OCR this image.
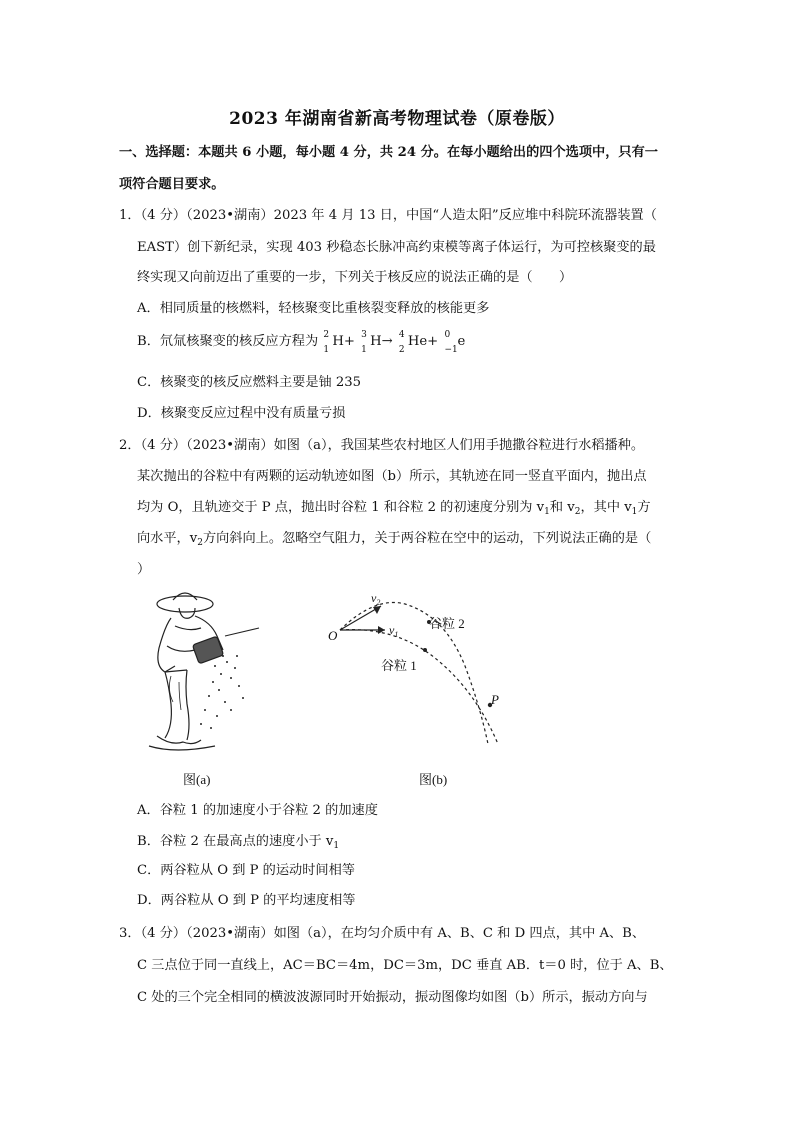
2023 年湖南省新高考物理试卷（原卷版）
一、选择题：本题共 6 小题，每小题 4 分，共 24 分。在每小题给出的四个选项中，只有一
项符合题目要求。
1．（4 分）（2023•湖南）2023 年 4 月 13 日，中国“人造太阳”反应堆中科院环流器装置（
EAST）创下新纪录，实现 403 秒稳态长脉冲高约束模等离子体运行，为可控核聚变的最
终实现又向前迈出了重要的一步，下列关于核反应的说法正确的是（　　）
A．相同质量的核燃料，轻核聚变比重核裂变释放的核能更多
B．氘氚核聚变的核反应方程为 2
1
H+ 3
1
H→ 4
2
He+ 0
−1
e
C．核聚变的核反应燃料主要是铀 235
D．核聚变反应过程中没有质量亏损
2．（4 分）（2023•湖南）如图（a），我国某些农村地区人们用手抛撒谷粒进行水稻播种。
某次抛出的谷粒中有两颗的运动轨迹如图（b）所示，其轨迹在同一竖直平面内，抛出点
均为 O，且轨迹交于 P 点，抛出时谷粒 1 和谷粒 2 的初速度分别为 $v_1$和 $v_2$，其中 $v_1$方
向水平，$v_2$方向斜向上。忽略空气阻力，关于两谷粒在空中的运动，下列说法正确的是（
）
图(a)
O
P
$v_2$
$v_1$
谷粒 2
谷粒 1
图(b)
A．谷粒 1 的加速度小于谷粒 2 的加速度
B．谷粒 2 在最高点的速度小于 $v_1$
C．两谷粒从 O 到 P 的运动时间相等
D．两谷粒从 O 到 P 的平均速度相等
3．（4 分）（2023•湖南）如图（a），在均匀介质中有 A、B、C 和 D 四点，其中 A、B、
C 三点位于同一直线上，AC＝BC＝4m，DC＝3m，DC 垂直 AB．t＝0 时，位于 A、B、
C 处的三个完全相同的横波波源同时开始振动，振动图像均如图（b）所示，振动方向与
